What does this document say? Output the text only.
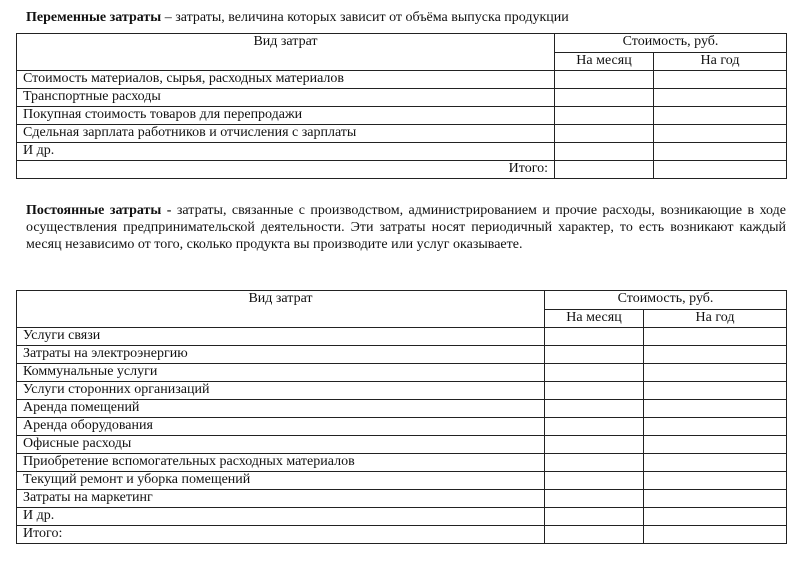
Переменные затраты – затраты, величина которых зависит от объёма выпуска продукции
Вид затрат	Стоимость, руб.	
	На месяц	На год
Стоимость материалов, сырья, расходных материалов		
Транспортные расходы		
Покупная стоимость товаров для перепродажи		
Сдельная зарплата работников и отчисления с зарплаты		
И др.		
Итого:		
Постоянные затраты - затраты, связанные с производством, администрированием и прочие расходы, возникающие в ходе осуществления предпринимательской деятельности. Эти затраты носят периодичный характер, то есть возникают каждый месяц независимо от того, сколько продукта вы производите или услуг оказываете.
Вид затрат	Стоимость, руб.	
	На месяц	На год
Услуги связи		
Затраты на электроэнергию		
Коммунальные услуги		
Услуги сторонних организаций		
Аренда помещений		
Аренда оборудования		
Офисные расходы		
Приобретение вспомогательных расходных материалов		
Текущий ремонт и уборка помещений		
Затраты на маркетинг		
И др.		
Итого:		
